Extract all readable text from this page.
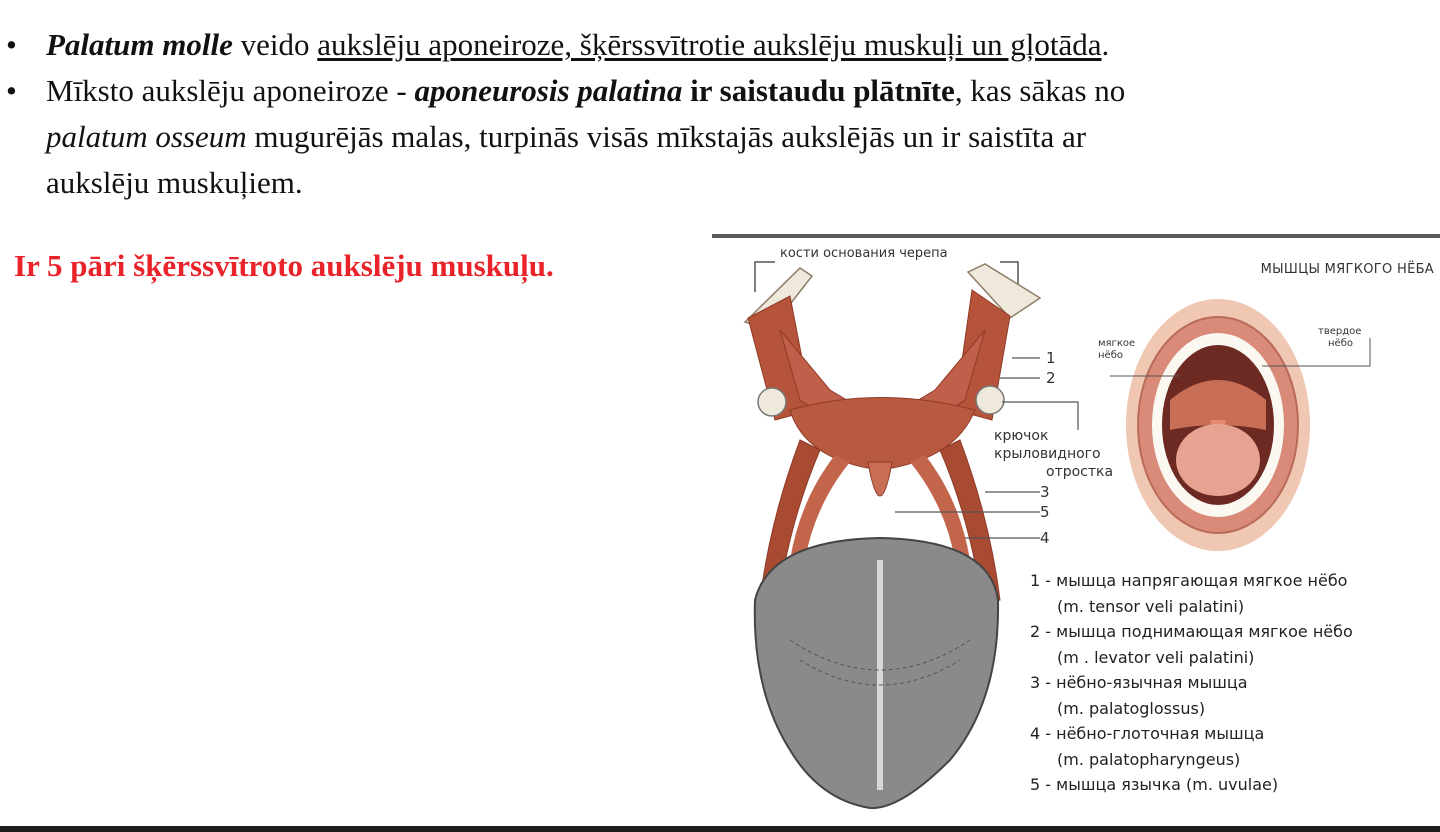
• Palatum molle veido aukslēju aponeiroze, šķērssvītrotie aukslēju muskuļi un gļotāda.
• Mīksto aukslēju aponeiroze - aponeurosis palatina ir saistaudu plātnīte, kas sākas no
palatum osseum mugurējās malas, turpinās visās mīkstajās aukslējās un ir saistīta ar
aukslēju muskuļiem.
Ir 5 pāri šķērssvītroto aukslēju muskuļu.	кости основания черепа
МЫШЦЫ МЯГКОГО НЁБА
1
2
3
5
4
крючок
крыловидного
отростка
мягкое
нёбо
твердое
нёбо
1 - мышца напрягающая мягкое нёбо
(m. tensor veli palatini)
2 - мышца поднимающая мягкое нёбо
(m . levator veli palatini)
3 - нёбно-язычная мышца
(m. palatoglossus)
4 - нёбно-глоточная мышца
(m. palatopharyngeus)
5 - мышца язычка (m. uvulae)
